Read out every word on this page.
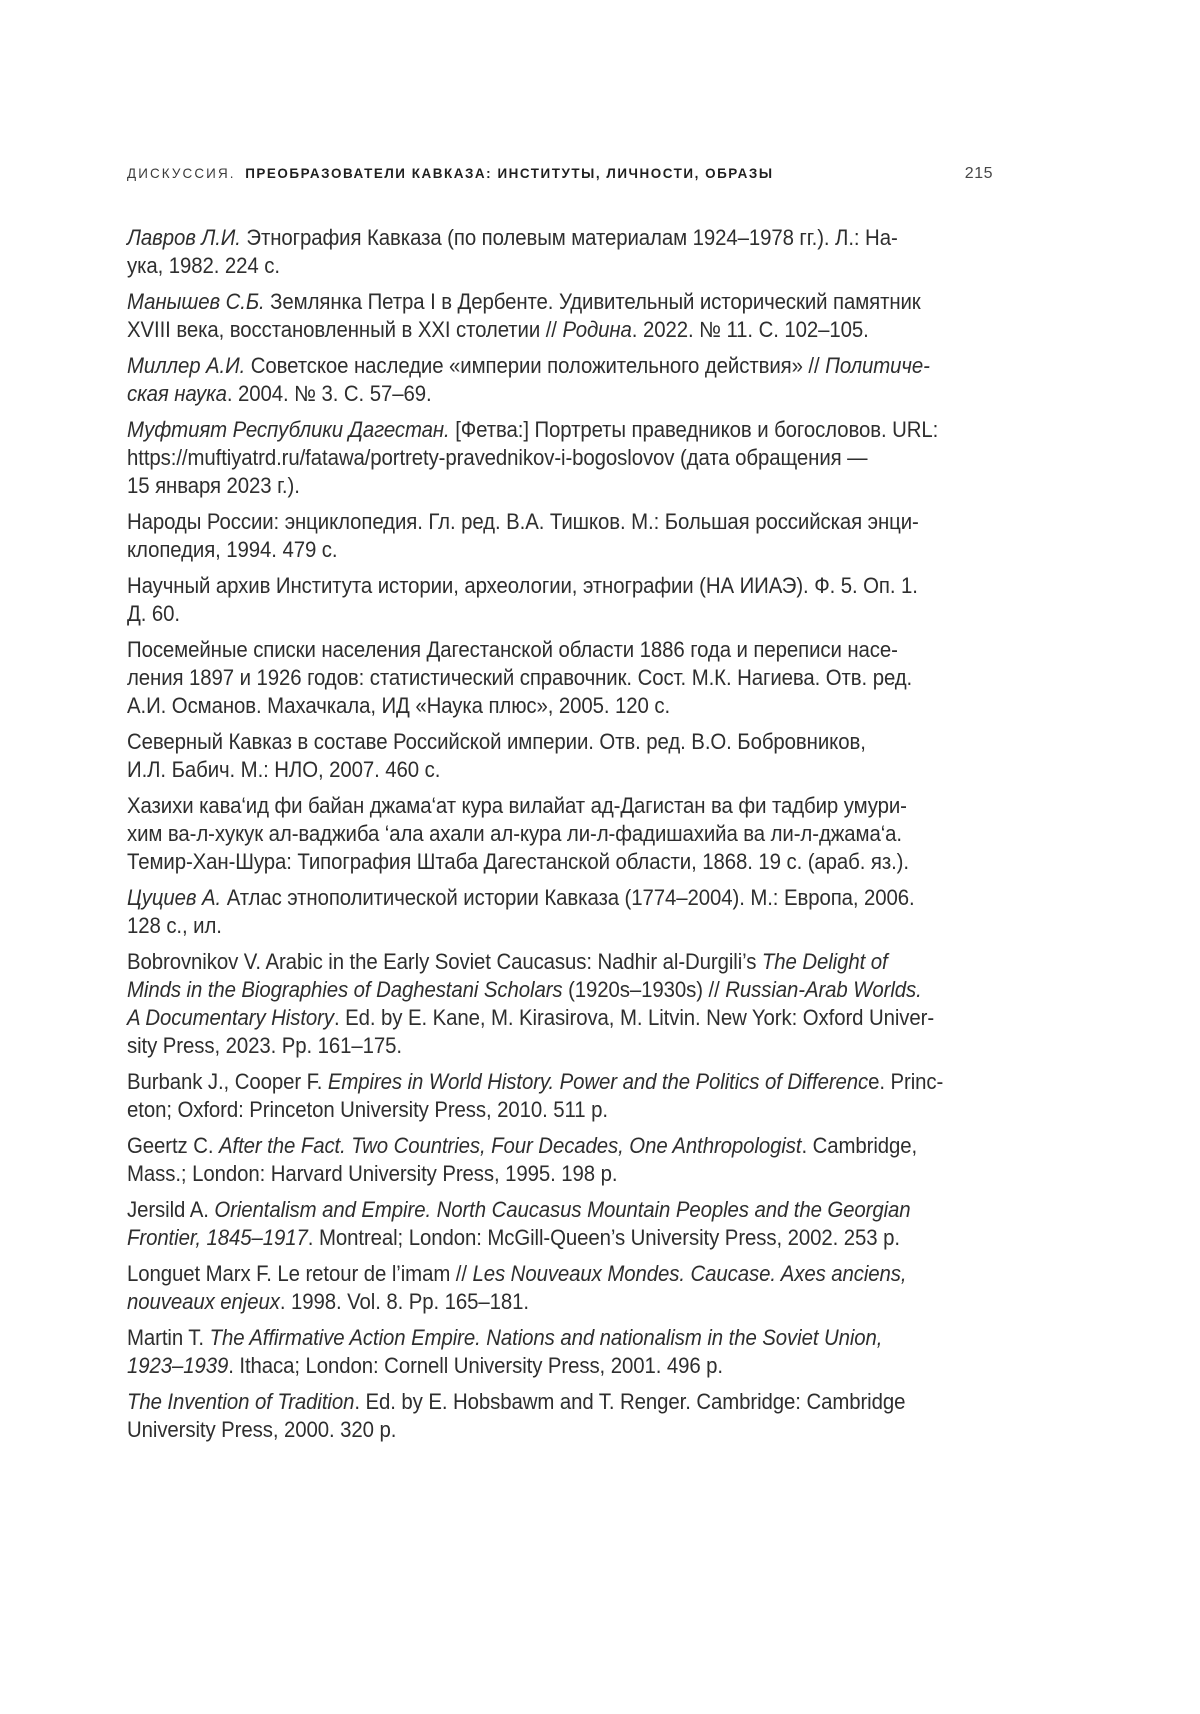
ДИСКУССИЯ. ПРЕОБРАЗОВАТЕЛИ КАВКАЗА: ИНСТИТУТЫ, ЛИЧНОСТИ, ОБРАЗЫ	215
Лавров Л.И. Этнография Кавказа (по полевым материалам 1924–1978 гг.). Л.: На-
ука, 1982. 224 с.
Манышев С.Б. Землянка Петра I в Дербенте. Удивительный исторический памятник
XVIII века, восстановленный в XXI столетии // Родина. 2022. № 11. С. 102–105.
Миллер А.И. Советское наследие «империи положительного действия» // Политиче-
ская наука. 2004. № 3. С. 57–69.
Муфтият Республики Дагестан. [Фетва:] Портреты праведников и богословов. URL:
https://muftiyatrd.ru/fatawa/portrety-pravednikov-i-bogoslovov (дата обращения —
15 января 2023 г.).
Народы России: энциклопедия. Гл. ред. В.А. Тишков. М.: Большая российская энци-
клопедия, 1994. 479 с.
Научный архив Института истории, археологии, этнографии (НА ИИАЭ). Ф. 5. Оп. 1.
Д. 60.
Посемейные списки населения Дагестанской области 1886 года и переписи насе-
ления 1897 и 1926 годов: статистический справочник. Сост. М.К. Нагиева. Отв. ред.
А.И. Османов. Махачкала, ИД «Наука плюс», 2005. 120 с.
Северный Кавказ в составе Российской империи. Отв. ред. В.О. Бобровников,
И.Л. Бабич. М.: НЛО, 2007. 460 с.
Хазихи кава‘ид фи байан джама‘ат кура вилайат ад-Дагистан ва фи тадбир умури-
хим ва-л-хукук ал-ваджиба ‘ала ахали ал-кура ли-л-фадишахийа ва ли-л-джама‘а.
Темир-Хан-Шура: Типография Штаба Дагестанской области, 1868. 19 с. (араб. яз.).
Цуциев А. Атлас этнополитической истории Кавказа (1774–2004). М.: Европа, 2006.
128 с., ил.
Bobrovnikov V. Arabic in the Early Soviet Caucasus: Nadhir al-Durgili’s The Delight of
Minds in the Biographies of Daghestani Scholars (1920s–1930s) // Russian-Arab Worlds.
A Documentary History. Ed. by E. Kane, M. Kirasirova, M. Litvin. New York: Oxford Univer-
sity Press, 2023. Pp. 161–175.
Burbank J., Cooper F. Empires in World History. Power and the Politics of Difference. Princ-
eton; Oxford: Princeton University Press, 2010. 511 p.
Geertz C. After the Fact. Two Countries, Four Decades, One Anthropologist. Cambridge,
Mass.; London: Harvard University Press, 1995. 198 p.
Jersild A. Orientalism and Empire. North Caucasus Mountain Peoples and the Georgian
Frontier, 1845–1917. Montreal; London: McGill-Queen’s University Press, 2002. 253 p.
Longuet Marx F. Le retour de l’imam // Les Nouveaux Mondes. Caucase. Axes anciens,
nouveaux enjeux. 1998. Vol. 8. Pp. 165–181.
Martin T. The Affirmative Action Empire. Nations and nationalism in the Soviet Union,
1923–1939. Ithaca; London: Cornell University Press, 2001. 496 p.
The Invention of Tradition. Ed. by E. Hobsbawm and T. Renger. Cambridge: Cambridge
University Press, 2000. 320 p.
